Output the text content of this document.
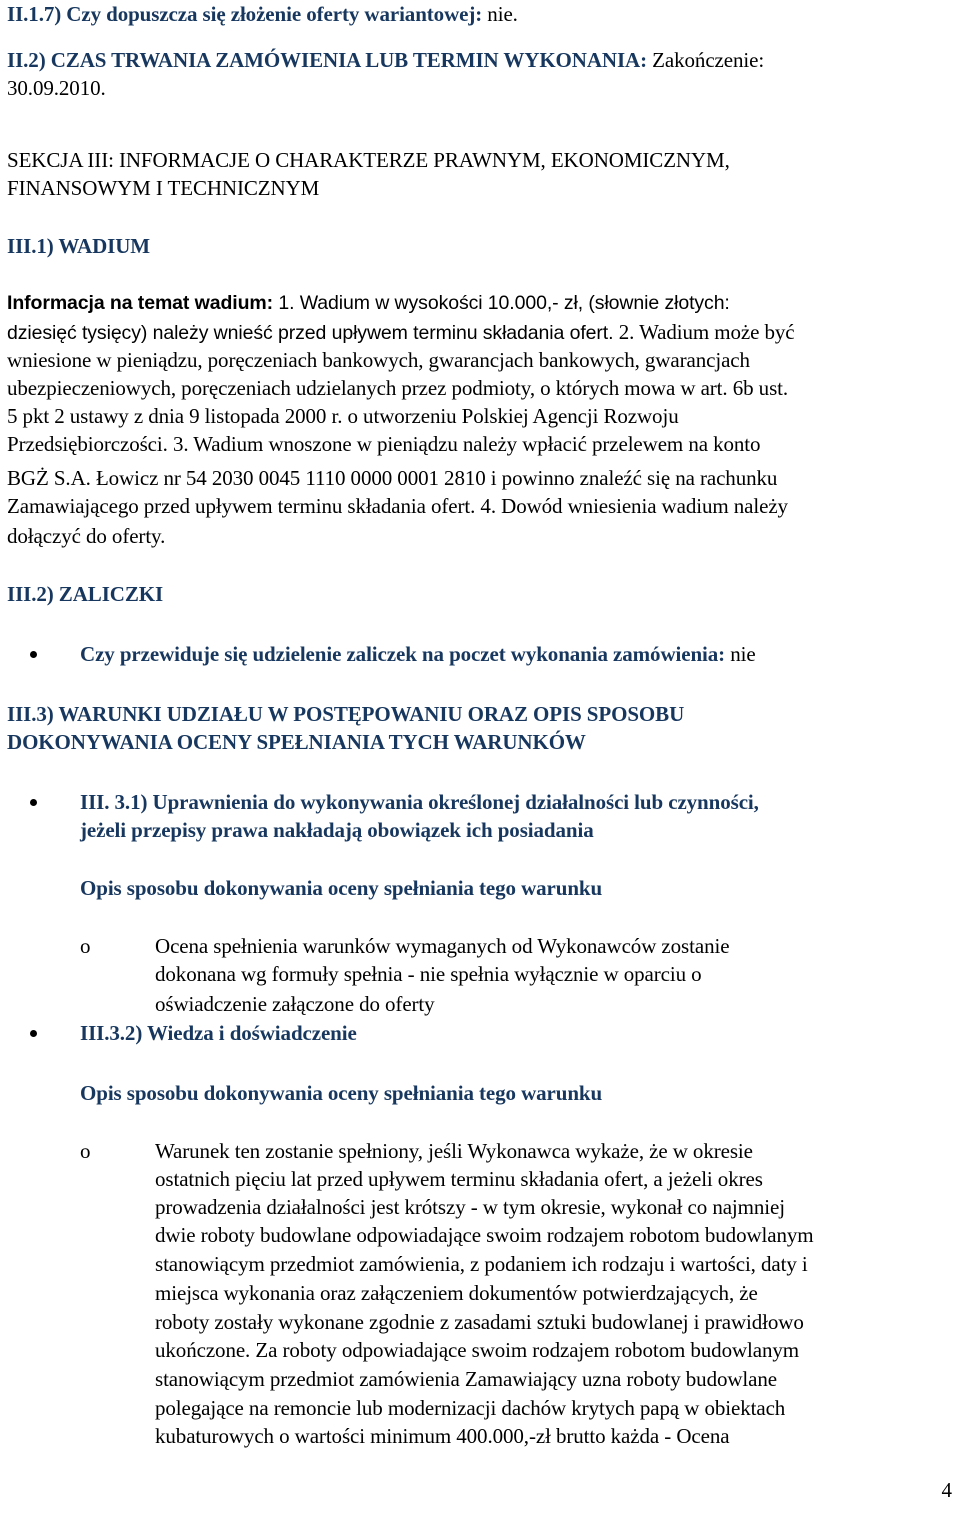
II.1.7) Czy dopuszcza się złożenie oferty wariantowej: nie.
II.2) CZAS TRWANIA ZAMÓWIENIA LUB TERMIN WYKONANIA: Zakończenie:
30.09.2010.
SEKCJA III: INFORMACJE O CHARAKTERZE PRAWNYM, EKONOMICZNYM,
FINANSOWYM I TECHNICZNYM
III.1) WADIUM
Informacja na temat wadium: 1. Wadium w wysokości 10.000,- zł, (słownie złotych:
dziesięć tysięcy) należy wnieść przed upływem terminu składania ofert. 2. Wadium może być
wniesione w pieniądzu, poręczeniach bankowych, gwarancjach bankowych, gwarancjach
ubezpieczeniowych, poręczeniach udzielanych przez podmioty, o których mowa w art. 6b ust.
5 pkt 2 ustawy z dnia 9 listopada 2000 r. o utworzeniu Polskiej Agencji Rozwoju
Przedsiębiorczości. 3. Wadium wnoszone w pieniądzu należy wpłacić przelewem na konto
BGŻ S.A. Łowicz nr 54 2030 0045 1110 0000 0001 2810 i powinno znaleźć się na rachunku
Zamawiającego przed upływem terminu składania ofert. 4. Dowód wniesienia wadium należy
dołączyć do oferty.
III.2) ZALICZKI
Czy przewiduje się udzielenie zaliczek na poczet wykonania zamówienia: nie
III.3) WARUNKI UDZIAŁU W POSTĘPOWANIU ORAZ OPIS SPOSOBU
DOKONYWANIA OCENY SPEŁNIANIA TYCH WARUNKÓW
III. 3.1) Uprawnienia do wykonywania określonej działalności lub czynności,
jeżeli przepisy prawa nakładają obowiązek ich posiadania
Opis sposobu dokonywania oceny spełniania tego warunku
o	Ocena spełnienia warunków wymaganych od Wykonawców zostanie
dokonana wg formuły spełnia - nie spełnia wyłącznie w oparciu o
oświadczenie załączone do oferty
III.3.2) Wiedza i doświadczenie
Opis sposobu dokonywania oceny spełniania tego warunku
o	Warunek ten zostanie spełniony, jeśli Wykonawca wykaże, że w okresie
ostatnich pięciu lat przed upływem terminu składania ofert, a jeżeli okres
prowadzenia działalności jest krótszy - w tym okresie, wykonał co najmniej
dwie roboty budowlane odpowiadające swoim rodzajem robotom budowlanym
stanowiącym przedmiot zamówienia, z podaniem ich rodzaju i wartości, daty i
miejsca wykonania oraz załączeniem dokumentów potwierdzających, że
roboty zostały wykonane zgodnie z zasadami sztuki budowlanej i prawidłowo
ukończone. Za roboty odpowiadające swoim rodzajem robotom budowlanym
stanowiącym przedmiot zamówienia Zamawiający uzna roboty budowlane
polegające na remoncie lub modernizacji dachów krytych papą w obiektach
kubaturowych o wartości minimum 400.000,-zł brutto każda - Ocena
4
